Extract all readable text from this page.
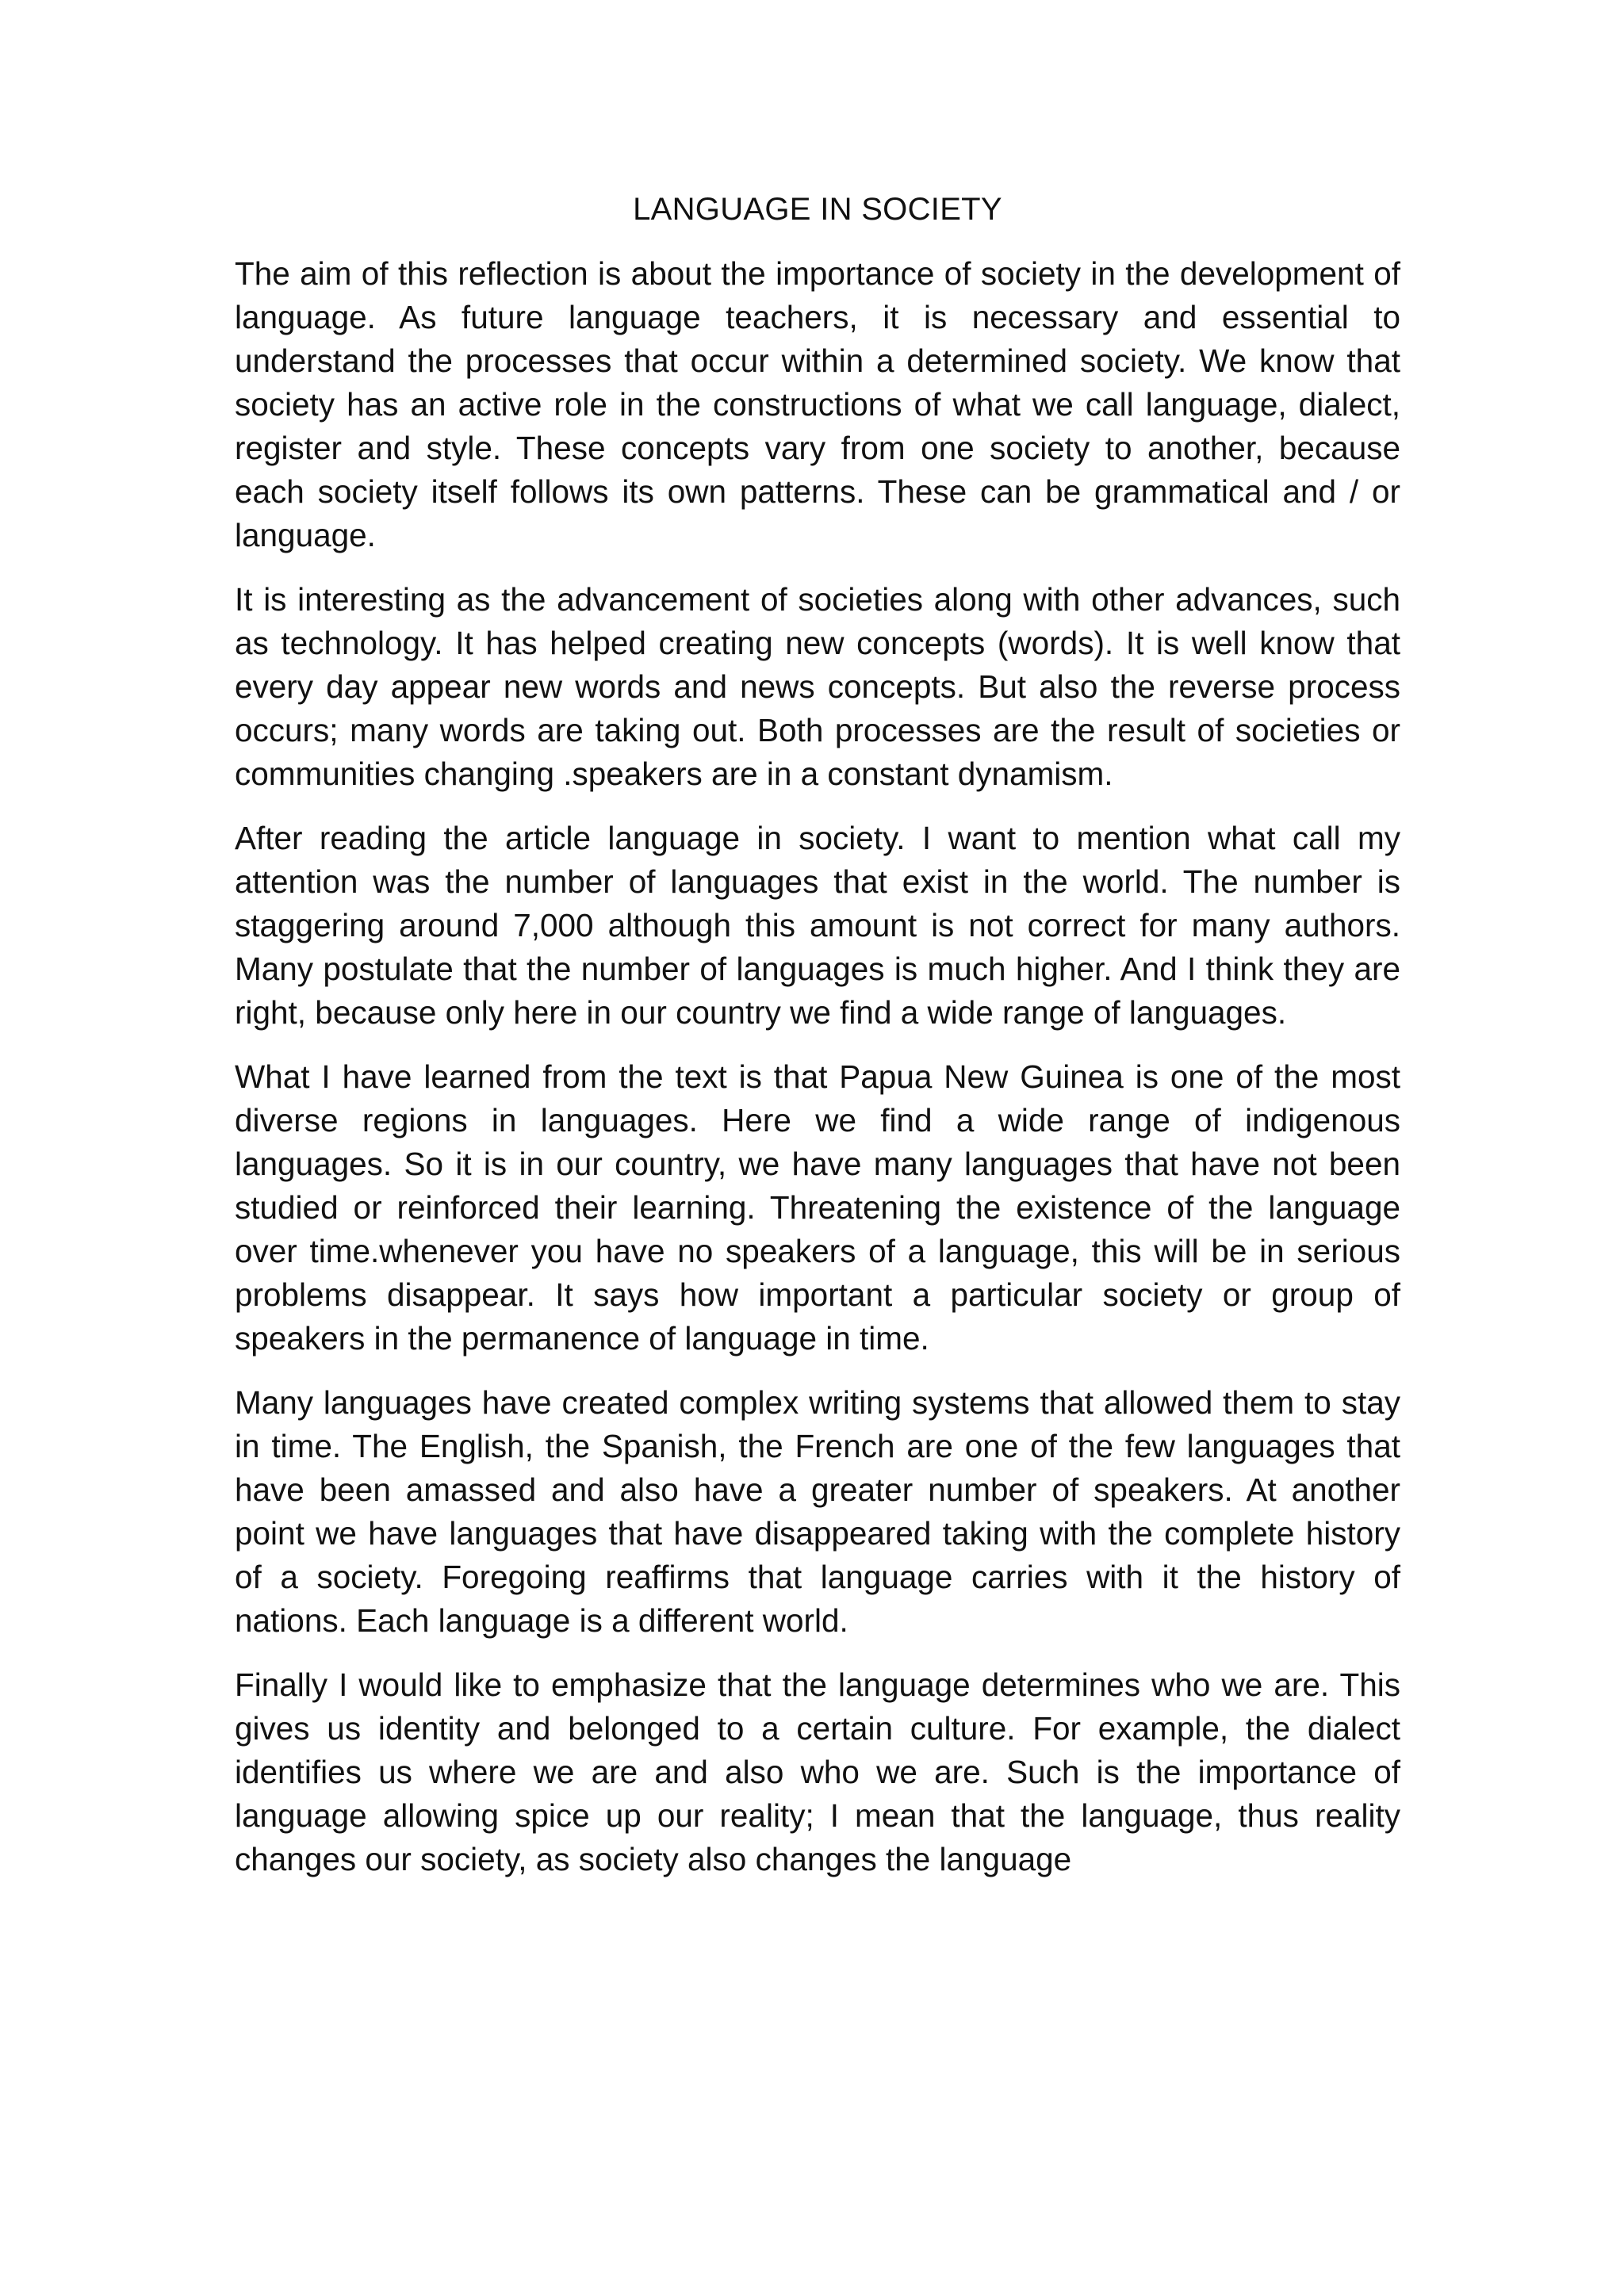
LANGUAGE IN SOCIETY

The aim of this reflection is about the importance of society in the development of language. As future language teachers, it is necessary and essential to understand the processes that occur within a determined society. We know that society has an active role in the constructions of what we call language, dialect, register and style. These concepts vary from one society to another, because each society itself follows its own patterns. These can be grammatical and / or language.

It is interesting as the advancement of societies along with other advances, such as technology. It has helped creating new concepts (words). It is well know that every day appear new words and news concepts. But also the reverse process occurs; many words are taking out. Both processes are the result of societies or communities changing .speakers are in a constant dynamism.

After reading the article language in society. I want to mention what call my attention was the number of languages that exist in the world. The number is staggering around 7,000 although this amount is not correct for many authors. Many postulate that the number of languages is much higher. And I think they are right, because only here in our country we find a wide range of languages.

What I have learned from the text is that Papua New Guinea is one of the most diverse regions in languages. Here we find a wide range of indigenous languages. So it is in our country, we have many languages that have not been studied or reinforced their learning. Threatening the existence of the language over time.whenever you have no speakers of a language, this will be in serious problems disappear. It says how important a particular society or group of speakers in the permanence of language in time.

Many languages have created complex writing systems that allowed them to stay in time. The English, the Spanish, the French are one of the few languages that have been amassed and also have a greater number of speakers. At another point we have languages that have disappeared taking with the complete history of a society. Foregoing reaffirms that language carries with it the history of nations. Each language is a different world.

Finally I would like to emphasize that the language determines who we are. This gives us identity and belonged to a certain culture. For example, the dialect identifies us where we are and also who we are. Such is the importance of language allowing spice up our reality; I mean that the language, thus reality changes our society, as society also changes the language
